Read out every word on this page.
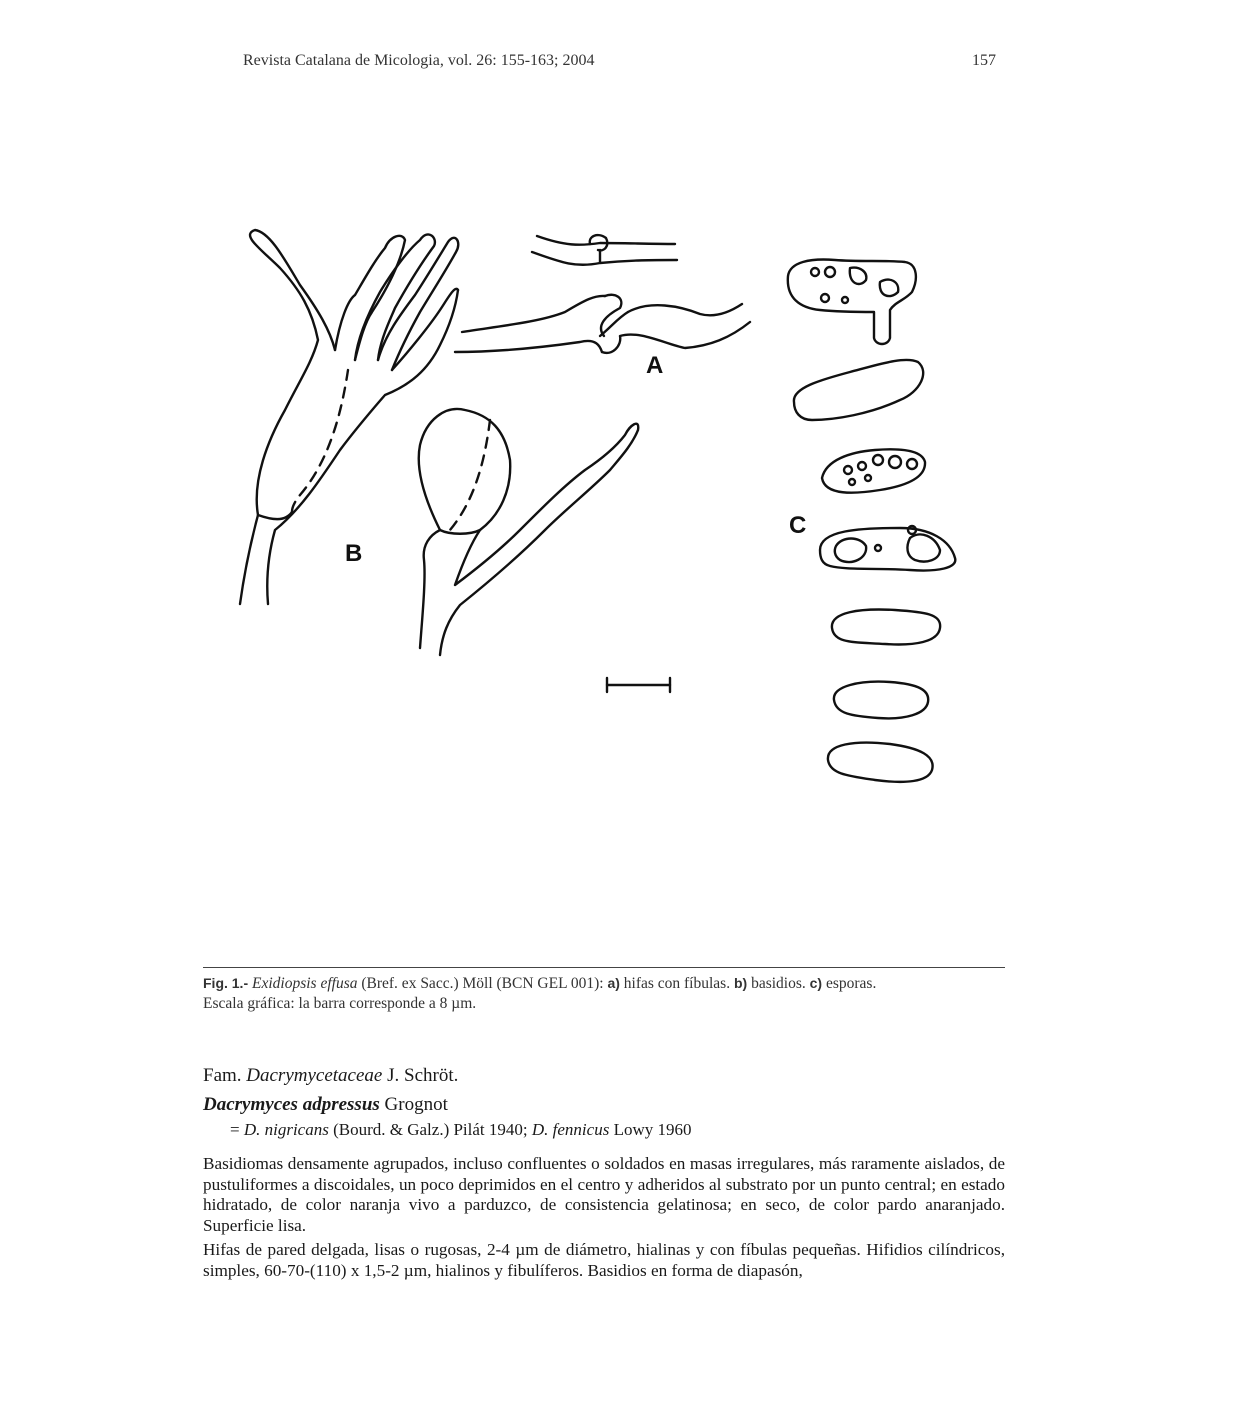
Revista Catalana de Micologia, vol. 26: 155-163; 2004	157
A
B
C
Fig. 1.- Exidiopsis effusa (Bref. ex Sacc.) Möll (BCN GEL 001): a) hifas con fíbulas. b) basidios. c) esporas.
Escala gráfica: la barra corresponde a 8 µm.
Fam. Dacrymycetaceae J. Schröt.
Dacrymyces adpressus Grognot
= D. nigricans (Bourd. & Galz.) Pilát 1940; D. fennicus Lowy 1960
Basidiomas densamente agrupados, incluso confluentes o soldados en masas irregulares, más raramente aislados, de pustuliformes a discoidales, un poco deprimidos en el centro y adheridos al substrato por un punto central; en estado hidratado, de color naranja vivo a parduzco, de consistencia gelatinosa; en seco, de color pardo anaranjado. Superficie lisa.
Hifas de pared delgada, lisas o rugosas, 2-4 µm de diámetro, hialinas y con fíbulas pequeñas. Hifidios cilíndricos, simples, 60-70-(110) x 1,5-2 µm, hialinos y fibulíferos. Basidios en forma de diapasón,
